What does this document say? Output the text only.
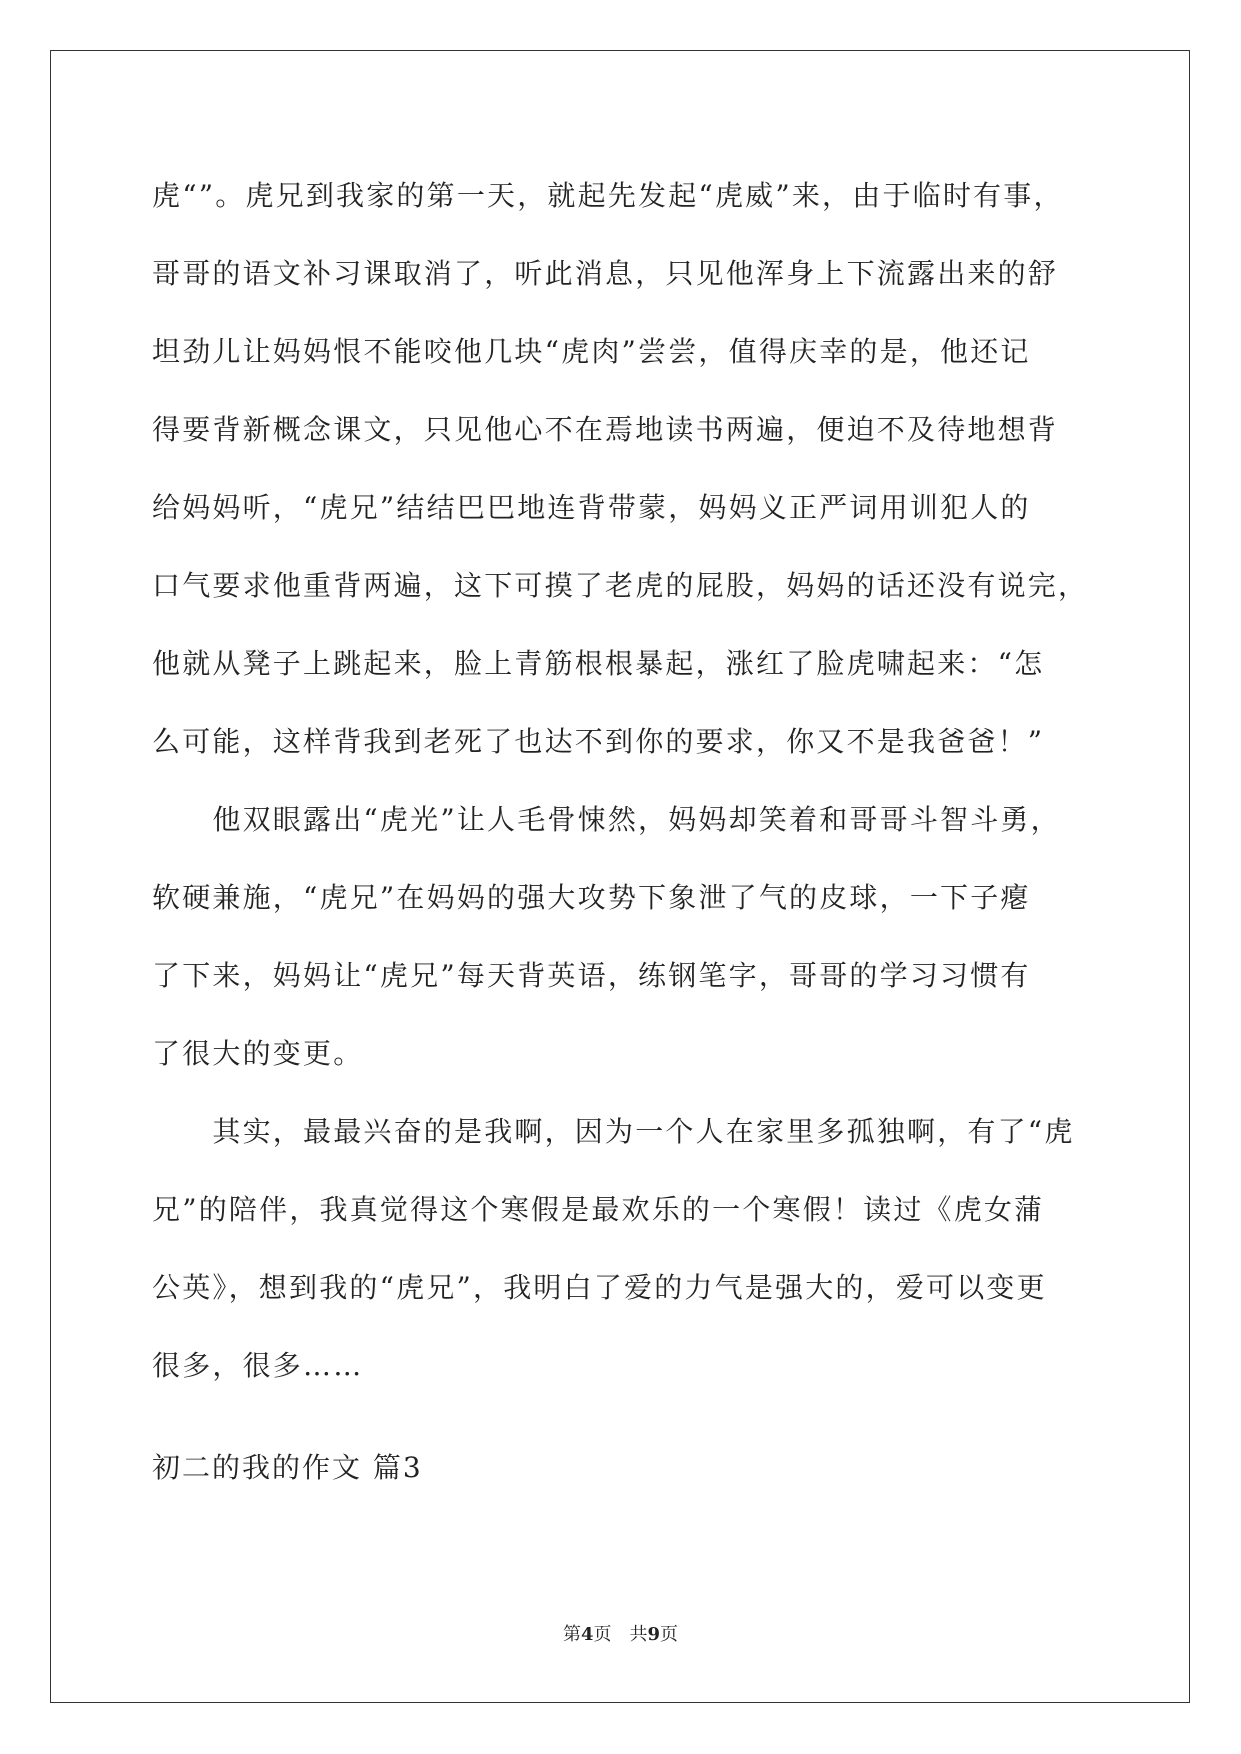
虎“”。虎兄到我家的第一天，就起先发起“虎威”来，由于临时有事，
哥哥的语文补习课取消了，听此消息，只见他浑身上下流露出来的舒
坦劲儿让妈妈恨不能咬他几块“虎肉”尝尝，值得庆幸的是，他还记
得要背新概念课文，只见他心不在焉地读书两遍，便迫不及待地想背
给妈妈听，“虎兄”结结巴巴地连背带蒙，妈妈义正严词用训犯人的
口气要求他重背两遍，这下可摸了老虎的屁股，妈妈的话还没有说完，
他就从凳子上跳起来，脸上青筋根根暴起，涨红了脸虎啸起来：“怎
么可能，这样背我到老死了也达不到你的要求，你又不是我爸爸！”
　　他双眼露出“虎光”让人毛骨悚然，妈妈却笑着和哥哥斗智斗勇，
软硬兼施，“虎兄”在妈妈的强大攻势下象泄了气的皮球，一下子瘪
了下来，妈妈让“虎兄”每天背英语，练钢笔字，哥哥的学习习惯有
了很大的变更。
　　其实，最最兴奋的是我啊，因为一个人在家里多孤独啊，有了“虎
兄”的陪伴，我真觉得这个寒假是最欢乐的一个寒假！读过《虎女蒲
公英》，想到我的“虎兄”，我明白了爱的力气是强大的，爱可以变更
很多，很多……
初二的我的作文 篇3
第4页　共9页
